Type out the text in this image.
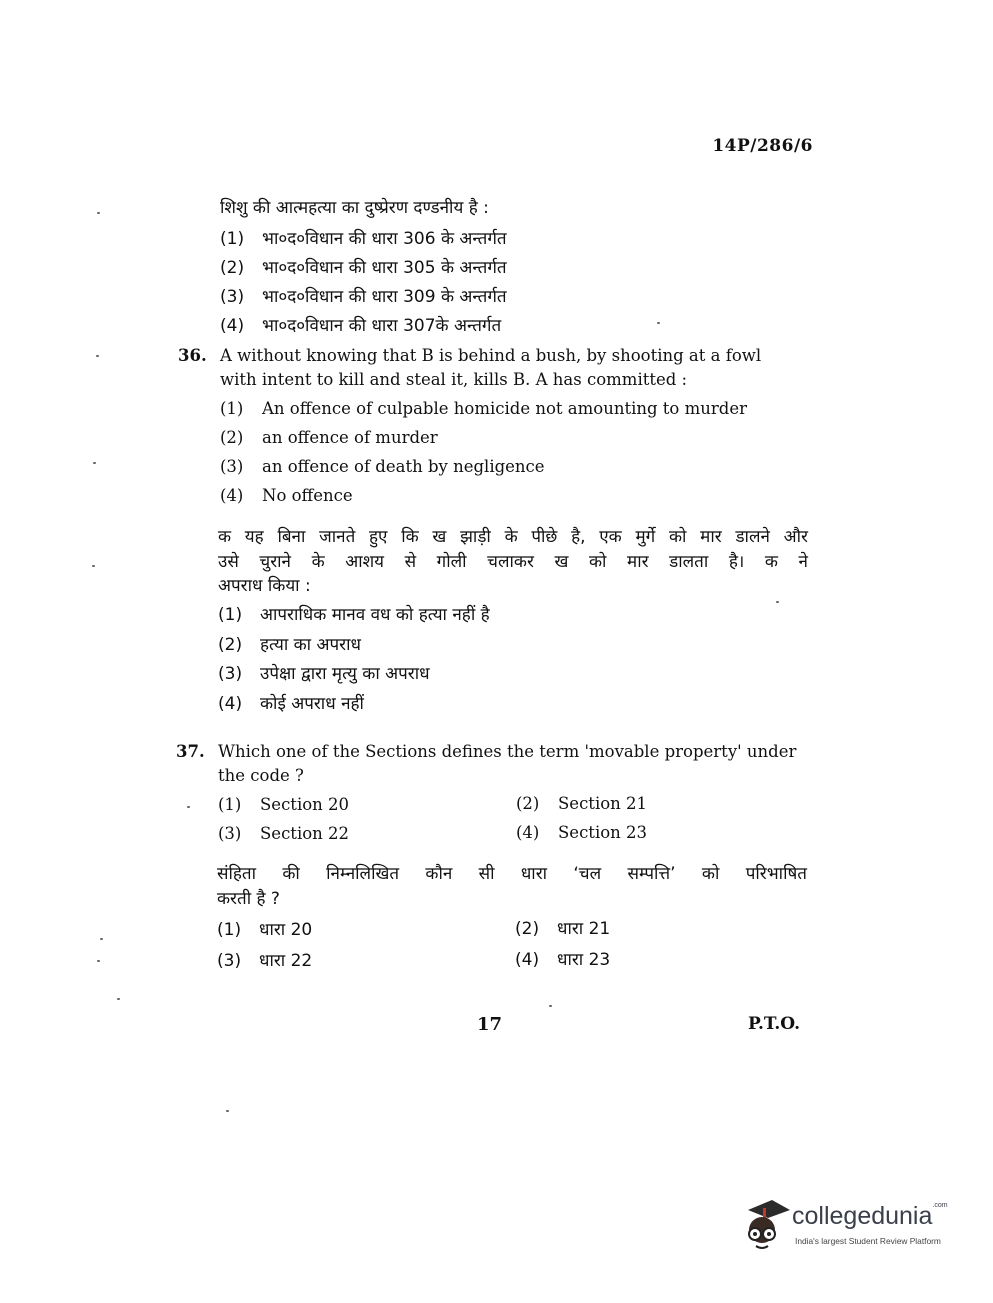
14P/286/6
शिशु की आत्महत्या का दुष्प्रेरण दण्डनीय है :
(1) भा०द०विधान की धारा 306 के अन्तर्गत
(2) भा०द०विधान की धारा 305 के अन्तर्गत
(3) भा०द०विधान की धारा 309 के अन्तर्गत
(4) भा०द०विधान की धारा 307के अन्तर्गत
36. A without knowing that B is behind a bush, by shooting at a fowl
with intent to kill and steal it, kills B. A has committed :
(1) An offence of culpable homicide not amounting to murder
(2) an offence of murder
(3) an offence of death by negligence
(4) No offence
क यह बिना जानते हुए कि ख झाड़ी के पीछे है, एक मुर्गे को मार डालने और
उसे चुराने के आशय से गोली चलाकर ख को मार डालता है। क ने
अपराध किया :
(1) आपराधिक मानव वध को हत्या नहीं है
(2) हत्या का अपराध
(3) उपेक्षा द्वारा मृत्यु का अपराध
(4) कोई अपराध नहीं
37. Which one of the Sections defines the term 'movable property' under
the code ?
(1) Section 20	(2) Section 21
(3) Section 22	(4) Section 23
संहिता की निम्नलिखित कौन सी धारा ‘चल सम्पत्ति’ को परिभाषित
करती है ?
(1) धारा 20	(2) धारा 21
(3) धारा 22	(4) धारा 23
17	P.T.O.
collegedunia$^{.com}$
India's largest Student Review Platform
